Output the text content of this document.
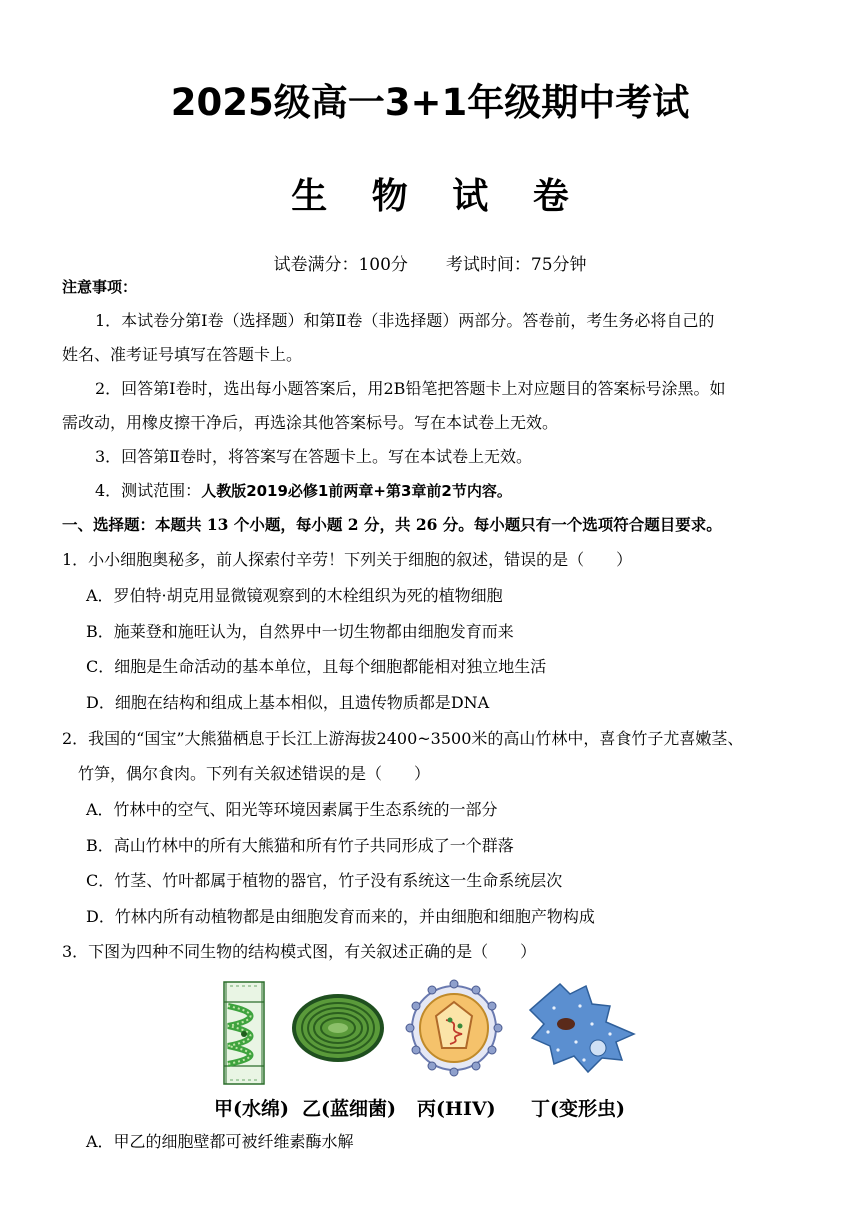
2025级高一3+1年级期中考试
生 物 试 卷
试卷满分：100分 考试时间：75分钟
注意事项：
1．本试卷分第Ⅰ卷（选择题）和第Ⅱ卷（非选择题）两部分。答卷前，考生务必将自己的
姓名、准考证号填写在答题卡上。
2．回答第Ⅰ卷时，选出每小题答案后，用2B铅笔把答题卡上对应题目的答案标号涂黑。如
需改动，用橡皮擦干净后，再选涂其他答案标号。写在本试卷上无效。
3．回答第Ⅱ卷时，将答案写在答题卡上。写在本试卷上无效。
4．测试范围：人教版2019必修1前两章+第3章前2节内容。
一、选择题：本题共 13 个小题，每小题 2 分，共 26 分。每小题只有一个选项符合题目要求。
1．小小细胞奥秘多，前人探索付辛劳！下列关于细胞的叙述，错误的是（　　）
A．罗伯特·胡克用显微镜观察到的木栓组织为死的植物细胞
B．施莱登和施旺认为，自然界中一切生物都由细胞发育而来
C．细胞是生命活动的基本单位，且每个细胞都能相对独立地生活
D．细胞在结构和组成上基本相似，且遗传物质都是DNA
2．我国的“国宝”大熊猫栖息于长江上游海拔2400~3500米的高山竹林中，喜食竹子尤喜嫩茎、
竹笋，偶尔食肉。下列有关叙述错误的是（　　）
A．竹林中的空气、阳光等环境因素属于生态系统的一部分
B．高山竹林中的所有大熊猫和所有竹子共同形成了一个群落
C．竹茎、竹叶都属于植物的器官，竹子没有系统这一生命系统层次
D．竹林内所有动植物都是由细胞发育而来的，并由细胞和细胞产物构成
3．下图为四种不同生物的结构模式图，有关叙述正确的是（　　）
甲(水绵) 乙(蓝细菌) 丙(HIV) 丁(变形虫)
A．甲乙的细胞壁都可被纤维素酶水解
